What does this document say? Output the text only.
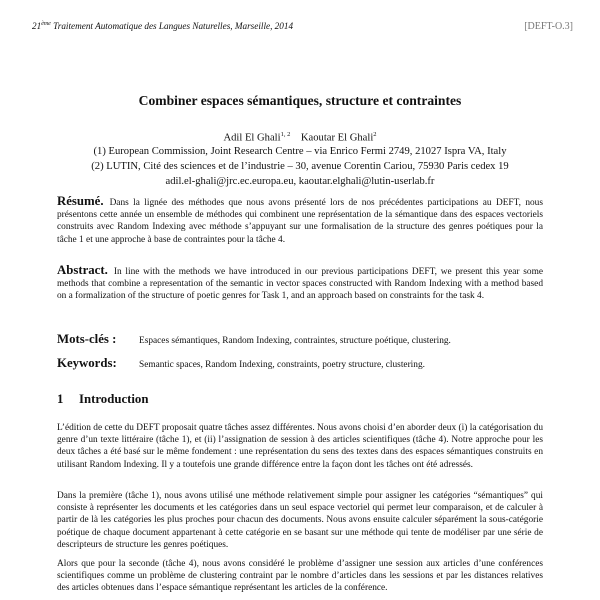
21ème Traitement Automatique des Langues Naturelles, Marseille, 2014	[DEFT-O.3]
Combiner espaces sémantiques, structure et contraintes
Adil El Ghali$^{1, 2}$ Kaoutar El Ghali$^2$
(1) European Commission, Joint Research Centre – via Enrico Fermi 2749, 21027 Ispra VA, Italy
(2) LUTIN, Cité des sciences et de l’industrie – 30, avenue Corentin Cariou, 75930 Paris cedex 19
adil.el-ghali@jrc.ec.europa.eu, kaoutar.elghali@lutin-userlab.fr
Résumé. Dans la lignée des méthodes que nous avons présenté lors de nos précédentes participations au DEFT, nous présentons cette année un ensemble de méthodes qui combinent une représentation de la sémantique dans des espaces vectoriels construits avec Random Indexing avec méthode s’appuyant sur une formalisation de la structure des genres poétiques pour la tâche 1 et une approche à base de contraintes pour la tâche 4.
Abstract. In line with the methods we have introduced in our previous participations DEFT, we present this year some methods that combine a representation of the semantic in vector spaces constructed with Random Indexing with a method based on a formalization of the structure of poetic genres for Task 1, and an approach based on constraints for the task 4.
Mots-clés : Espaces sémantiques, Random Indexing, contraintes, structure poétique, clustering.
Keywords: Semantic spaces, Random Indexing, constraints, poetry structure, clustering.
1 Introduction

L’édition de cette du DEFT proposait quatre tâches assez différentes. Nous avons choisi d’en aborder deux (i) la catégorisation du genre d’un texte littéraire (tâche 1), et (ii) l’assignation de session à des articles scientifiques (tâche 4). Notre approche pour les deux tâches a été basé sur le même fondement : une représentation du sens des textes dans des espaces sémantiques construits en utilisant Random Indexing. Il y a toutefois une grande différence entre la façon dont les tâches ont été adressés.

Dans la première (tâche 1), nous avons utilisé une méthode relativement simple pour assigner les catégories “sémantiques” qui consiste à représenter les documents et les catégories dans un seul espace vectoriel qui permet leur comparaison, et de calculer à partir de là les catégories les plus proches pour chacun des documents. Nous avons ensuite calculer séparément la sous-catégorie poétique de chaque document appartenant à cette catégorie en se basant sur une méthode qui tente de modéliser par une série de descripteurs de structure les genres poétiques.

Alors que pour la seconde (tâche 4), nous avons considéré le problème d’assigner une session aux articles d’une conférences scientifiques comme un problème de clustering contraint par le nombre d’articles dans les sessions et par les distances relatives des articles obtenues dans l’espace sémantique représentant les articles de la conférence.
